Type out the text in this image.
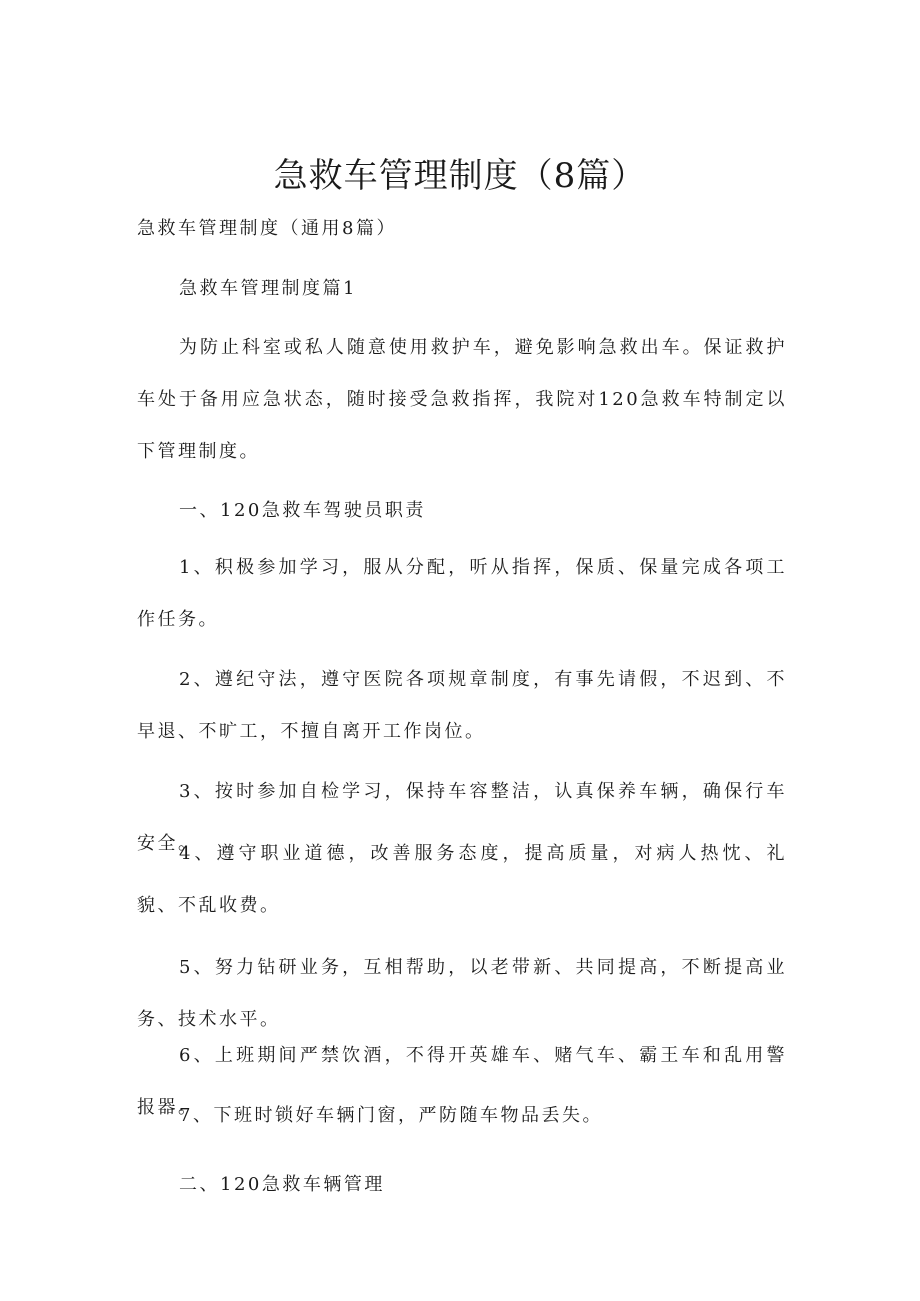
急救车管理制度（8篇）

急救车管理制度（通用8篇）

急救车管理制度篇1

为防止科室或私人随意使用救护车，避免影响急救出车。保证救护车处于备用应急状态，随时接受急救指挥，我院对120急救车特制定以下管理制度。

一、120急救车驾驶员职责

1、积极参加学习，服从分配，听从指挥，保质、保量完成各项工作任务。

2、遵纪守法，遵守医院各项规章制度，有事先请假，不迟到、不早退、不旷工，不擅自离开工作岗位。

3、按时参加自检学习，保持车容整洁，认真保养车辆，确保行车安全。

4、遵守职业道德，改善服务态度，提高质量，对病人热忱、礼貌、不乱收费。

5、努力钻研业务，互相帮助，以老带新、共同提高，不断提高业务、技术水平。

6、上班期间严禁饮酒，不得开英雄车、赌气车、霸王车和乱用警报器。

7、下班时锁好车辆门窗，严防随车物品丢失。

二、120急救车辆管理
